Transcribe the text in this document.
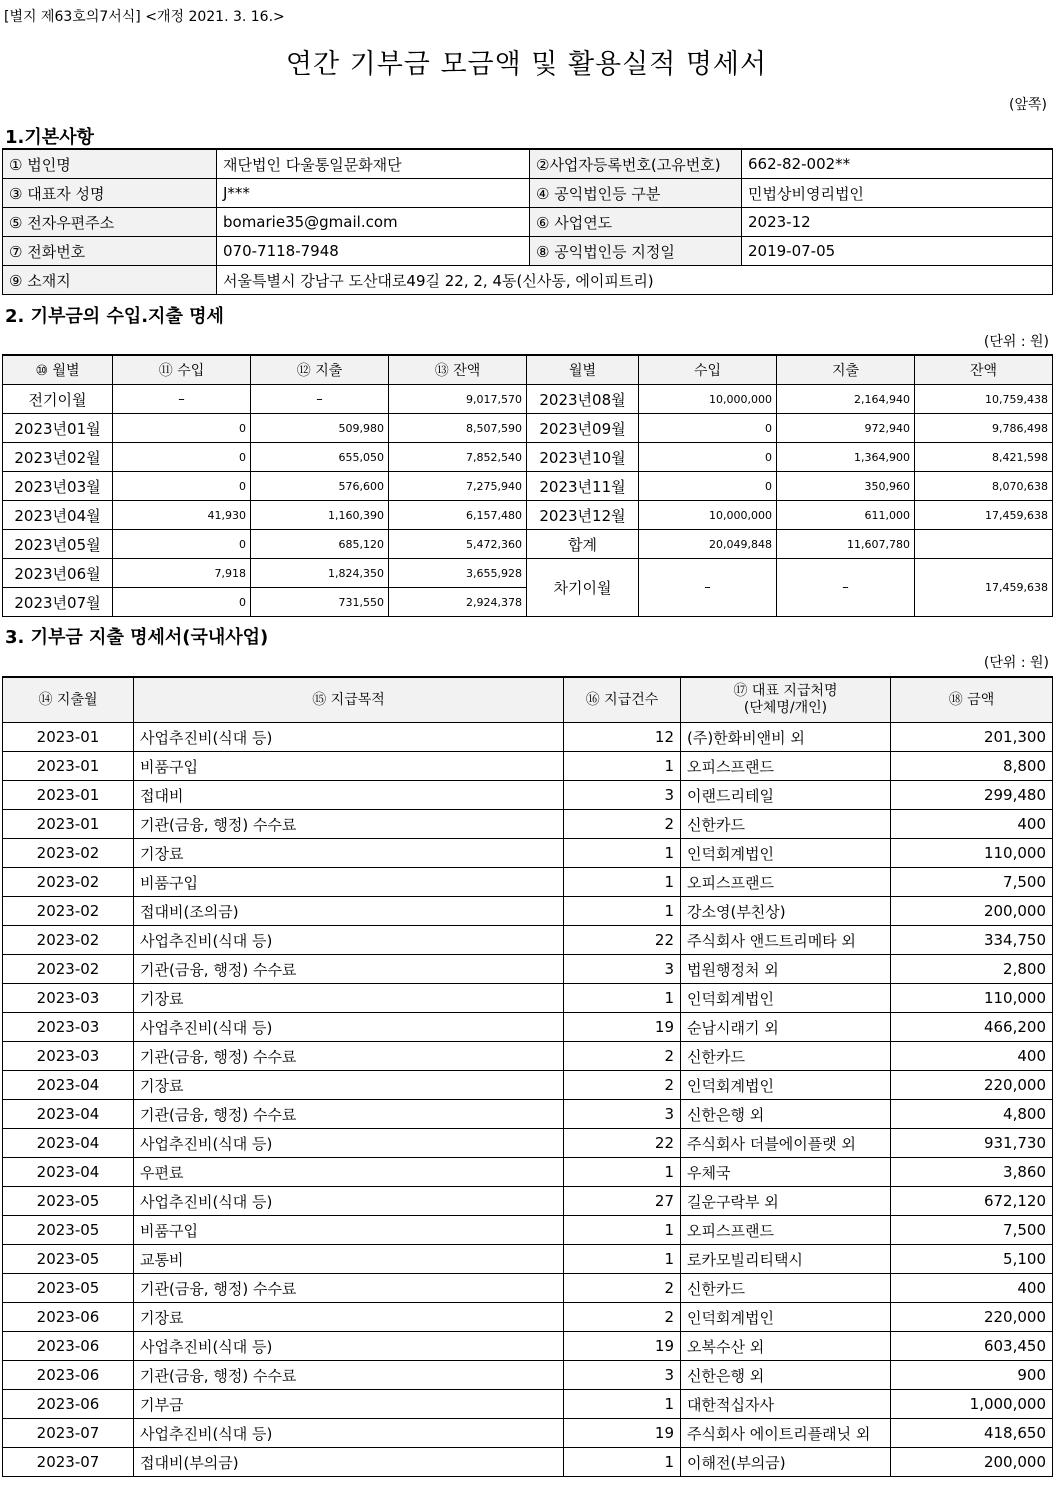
[별지 제63호의7서식] <개정 2021. 3. 16.>
연간 기부금 모금액 및 활용실적 명세서
(앞쪽)
1.기본사항
① 법인명	재단법인 다울통일문화재단	②사업자등록번호(고유번호)	662-82-002**
③ 대표자 성명	J***	④ 공익법인등 구분	민법상비영리법인
⑤ 전자우편주소	bomarie35@gmail.com	⑥ 사업연도	2023-12
⑦ 전화번호	070-7118-7948	⑧ 공익법인등 지정일	2019-07-05
⑨ 소재지	서울특별시 강남구 도산대로49길 22, 2, 4동(신사동, 에이피트리)		
2. 기부금의 수입.지출 명세
(단위 : 원)
⑩ 월별	⑪ 수입	⑫ 지출	⑬ 잔액	월별	수입	지출	잔액
전기이월	–	–	9,017,570	2023년08월	10,000,000	2,164,940	10,759,438
2023년01월	0	509,980	8,507,590	2023년09월	0	972,940	9,786,498
2023년02월	0	655,050	7,852,540	2023년10월	0	1,364,900	8,421,598
2023년03월	0	576,600	7,275,940	2023년11월	0	350,960	8,070,638
2023년04월	41,930	1,160,390	6,157,480	2023년12월	10,000,000	611,000	17,459,638
2023년05월	0	685,120	5,472,360	합계	20,049,848	11,607,780	
2023년06월	7,918	1,824,350	3,655,928	차기이월	–	–	17,459,638
2023년07월	0	731,550	2,924,378				
3. 기부금 지출 명세서(국내사업)
(단위 : 원)
⑭ 지출월	⑮ 지급목적	⑯ 지급건수	⑰ 대표 지급처명
(단체명/개인)	⑱ 금액
2023-01	사업추진비(식대 등)	12	(주)한화비앤비 외	201,300
2023-01	비품구입	1	오피스프랜드	8,800
2023-01	접대비	3	이랜드리테일	299,480
2023-01	기관(금융, 행정) 수수료	2	신한카드	400
2023-02	기장료	1	인덕회계법인	110,000
2023-02	비품구입	1	오피스프랜드	7,500
2023-02	접대비(조의금)	1	강소영(부친상)	200,000
2023-02	사업추진비(식대 등)	22	주식회사 앤드트리메타 외	334,750
2023-02	기관(금융, 행정) 수수료	3	법원행정처 외	2,800
2023-03	기장료	1	인덕회계법인	110,000
2023-03	사업추진비(식대 등)	19	순남시래기 외	466,200
2023-03	기관(금융, 행정) 수수료	2	신한카드	400
2023-04	기장료	2	인덕회계법인	220,000
2023-04	기관(금융, 행정) 수수료	3	신한은행 외	4,800
2023-04	사업추진비(식대 등)	22	주식회사 더블에이플랫 외	931,730
2023-04	우편료	1	우체국	3,860
2023-05	사업추진비(식대 등)	27	길운구락부 외	672,120
2023-05	비품구입	1	오피스프랜드	7,500
2023-05	교통비	1	로카모빌리티택시	5,100
2023-05	기관(금융, 행정) 수수료	2	신한카드	400
2023-06	기장료	2	인덕회계법인	220,000
2023-06	사업추진비(식대 등)	19	오복수산 외	603,450
2023-06	기관(금융, 행정) 수수료	3	신한은행 외	900
2023-06	기부금	1	대한적십자사	1,000,000
2023-07	사업추진비(식대 등)	19	주식회사 에이트리플래닛 외	418,650
2023-07	접대비(부의금)	1	이해전(부의금)	200,000
